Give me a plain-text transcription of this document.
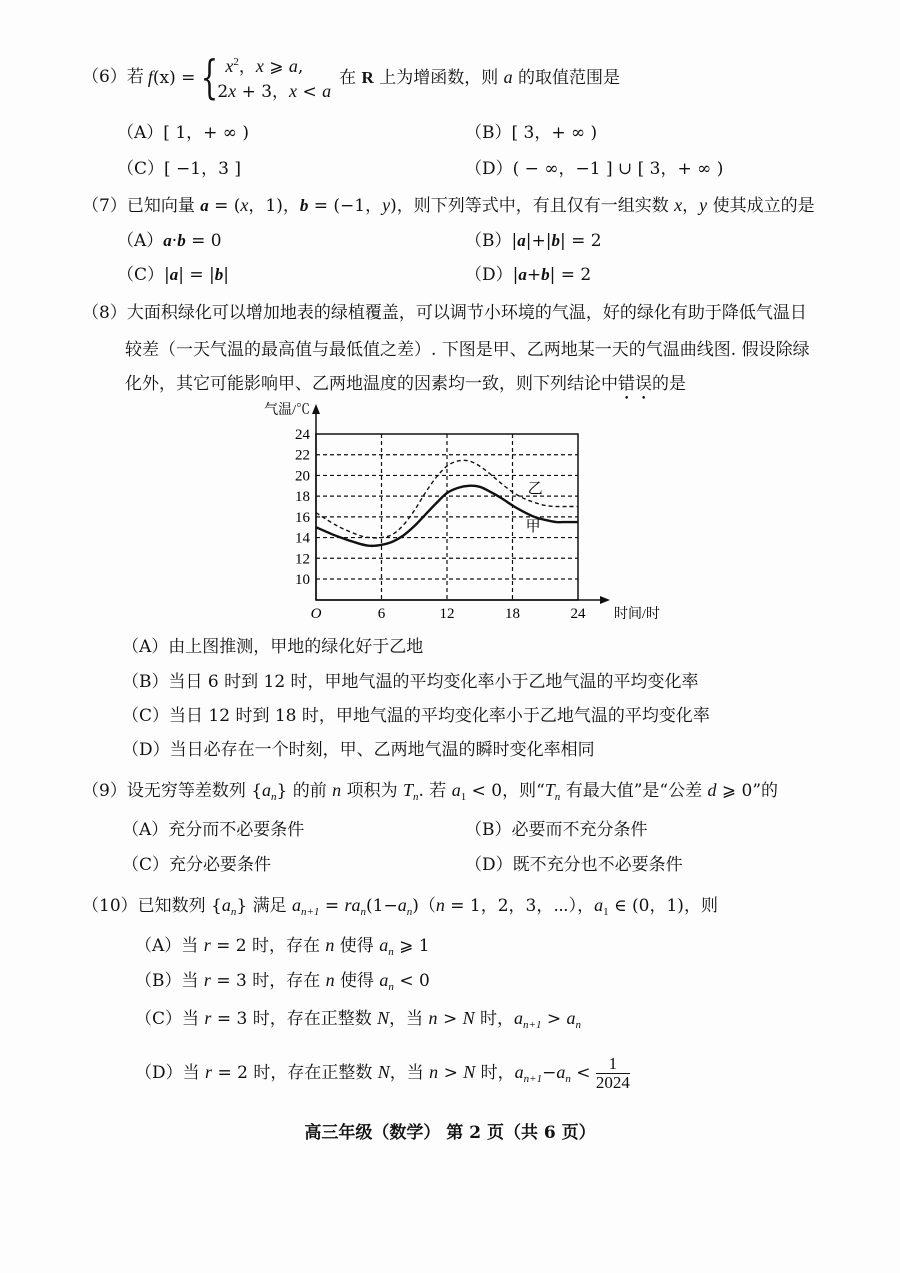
（6）若 f(x) = { $x^2$，x ⩾ a,
2x + 3，x < a
在 R 上为增函数，则 a 的取值范围是
（A）[ 1，+ ∞ )	（B）[ 3，+ ∞ )
（C）[ −1，3 ]	（D）( − ∞，−1 ] ∪ [ 3，+ ∞ )
（7）已知向量 a = (x，1)，b = (−1，y)，则下列等式中，有且仅有一组实数 x，y 使其成立的是
（A）a·b = 0	（B）|a|+|b| = 2
（C）|a| = |b|	（D）|a+b| = 2
（8）大面积绿化可以增加地表的绿植覆盖，可以调节小环境的气温，好的绿化有助于降低气温日
较差（一天气温的最高值与最低值之差）. 下图是甲、乙两地某一天的气温曲线图. 假设除绿
化外，其它可能影响甲、乙两地温度的因素均一致，则下列结论中错误的是
10
12
14
16
18
20
22
24
6	12	18	24
气温/℃
时间/时
O
甲
乙
（A）由上图推测，甲地的绿化好于乙地
（B）当日 6 时到 12 时，甲地气温的平均变化率小于乙地气温的平均变化率
（C）当日 12 时到 18 时，甲地气温的平均变化率小于乙地气温的平均变化率
（D）当日必存在一个时刻，甲、乙两地气温的瞬时变化率相同
（9）设无穷等差数列 $\{a_n\}$ 的前 n 项积为 $T_n$. 若 $a_1 < 0$，则“$T_n$ 有最大值”是“公差 d ⩾ 0”的
（A）充分而不必要条件	（B）必要而不充分条件
（C）充分必要条件	（D）既不充分也不必要条件
（10）已知数列 $\{a_n\}$ 满足 $a_{n+1} = ra_n(1-a_n)(n = 1$，2，3，⋯），$a_1$ ∈ (0，1)，则
（A）当 r = 2 时，存在 n 使得 $a_n$ ⩾ 1
（B）当 r = 3 时，存在 n 使得 $a_n < 0$
（C）当 r = 3 时，存在正整数 N，当 n > N 时，$a_{n+1} > a_n$
（D）当 r = 2 时，存在正整数 N，当 n > N 时，$a_{n+1}-a_n < \frac{1}{2024}$
高三年级（数学） 第 2 页（共 6 页）
